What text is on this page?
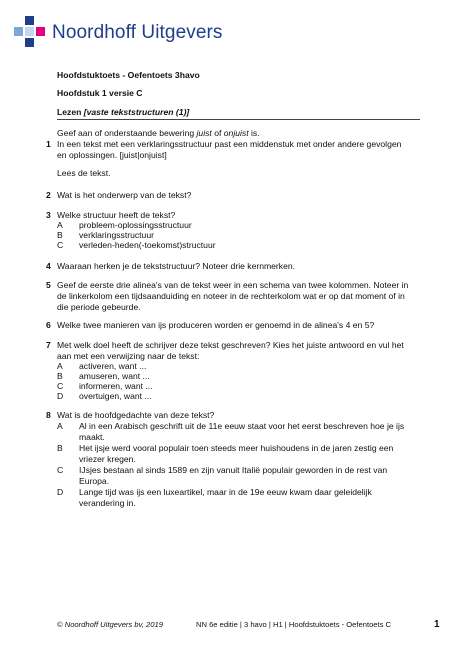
Noordhoff Uitgevers
Hoofdstuktoets - Oefentoets 3havo
Hoofdstuk 1 versie C
Lezen [vaste tekststructuren (1)]
Geef aan of onderstaande bewering juist of onjuist is.
1 In een tekst met een verklaringsstructuur past een middenstuk met onder andere gevolgen
en oplossingen. [juist|onjuist]
Lees de tekst.
2 Wat is het onderwerp van de tekst?
3 Welke structuur heeft de tekst?
A probleem-oplossingsstructuur
B verklaringsstructuur
C verleden-heden(-toekomst)structuur
4 Waaraan herken je de tekststructuur? Noteer drie kernmerken.
5 Geef de eerste drie alinea's van de tekst weer in een schema van twee kolommen. Noteer in
de linkerkolom een tijdsaanduiding en noteer in de rechterkolom wat er op dat moment of in
die periode gebeurde.
6 Welke twee manieren van ijs produceren worden er genoemd in de alinea's 4 en 5?
7 Met welk doel heeft de schrijver deze tekst geschreven? Kies het juiste antwoord en vul het
aan met een verwijzing naar de tekst:
A activeren, want ...
B amuseren, want ...
C informeren, want ...
D overtuigen, want ...
8 Wat is de hoofdgedachte van deze tekst?
A Al in een Arabisch geschrift uit de 11e eeuw staat voor het eerst beschreven hoe je ijs
maakt.
B Het ijsje werd vooral populair toen steeds meer huishoudens in de jaren zestig een
vriezer kregen.
C IJsjes bestaan al sinds 1589 en zijn vanuit Italië populair geworden in de rest van
Europa.
D Lange tijd was ijs een luxeartikel, maar in de 19e eeuw kwam daar geleidelijk
verandering in.
© Noordhoff Uitgevers bv, 2019	NN 6e editie | 3 havo | H1 | Hoofdstuktoets - Oefentoets C	1
